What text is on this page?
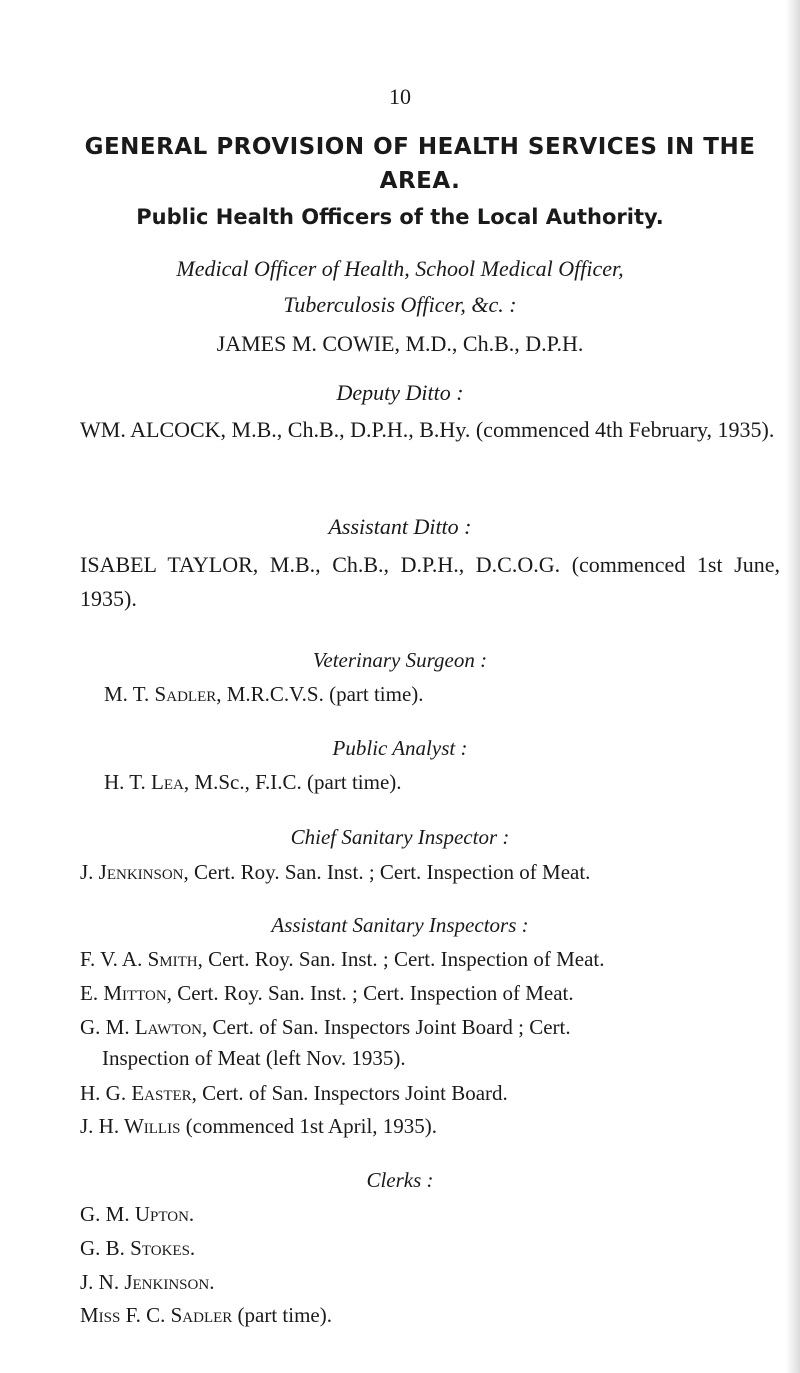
10
GENERAL PROVISION OF HEALTH SERVICES IN THE AREA.
Public Health Officers of the Local Authority.
Medical Officer of Health, School Medical Officer,
Tuberculosis Officer, &c. :
JAMES M. COWIE, M.D., Ch.B., D.P.H.
Deputy Ditto :
WM. ALCOCK, M.B., Ch.B., D.P.H., B.Hy. (commenced 4th February, 1935).
Assistant Ditto :
ISABEL TAYLOR, M.B., Ch.B., D.P.H., D.C.O.G. (commenced 1st June, 1935).
Veterinary Surgeon :
M. T. Sadler, M.R.C.V.S. (part time).
Public Analyst :
H. T. Lea, M.Sc., F.I.C. (part time).
Chief Sanitary Inspector :
J. Jenkinson, Cert. Roy. San. Inst. ; Cert. Inspection of Meat.
Assistant Sanitary Inspectors :
F. V. A. Smith, Cert. Roy. San. Inst. ; Cert. Inspection of Meat.
E. Mitton, Cert. Roy. San. Inst. ; Cert. Inspection of Meat.
G. M. Lawton, Cert. of San. Inspectors Joint Board ; Cert.
Inspection of Meat (left Nov. 1935).
H. G. Easter, Cert. of San. Inspectors Joint Board.
J. H. Willis (commenced 1st April, 1935).
Clerks :
G. M. Upton.
G. B. Stokes.
J. N. Jenkinson.
Miss F. C. Sadler (part time).
